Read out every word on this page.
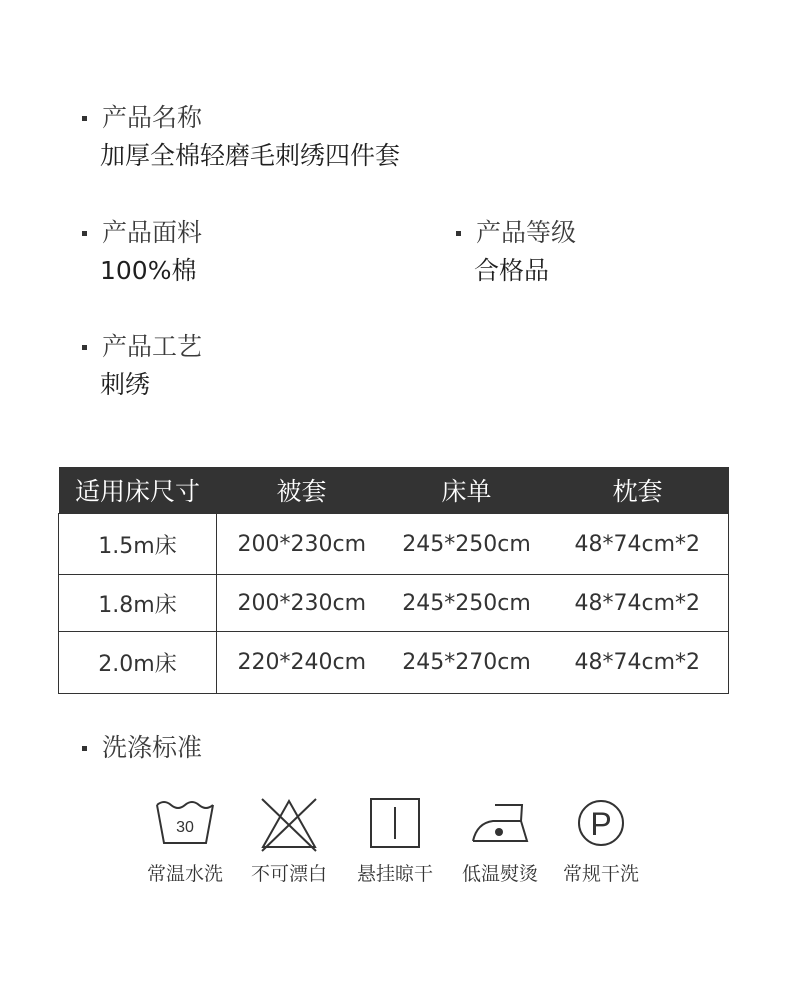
产品名称
加厚全棉轻磨毛刺绣四件套
产品面料
100%棉
产品等级
合格品
产品工艺
刺绣
适用床尺寸	被套	床单	枕套
1.5m床	200*230cm	245*250cm	48*74cm*2
1.8m床	200*230cm	245*250cm	48*74cm*2
2.0m床	220*240cm	245*270cm	48*74cm*2
洗涤标准
30
常温水洗	不可漂白	悬挂晾干	低温熨烫
P
常规干洗
